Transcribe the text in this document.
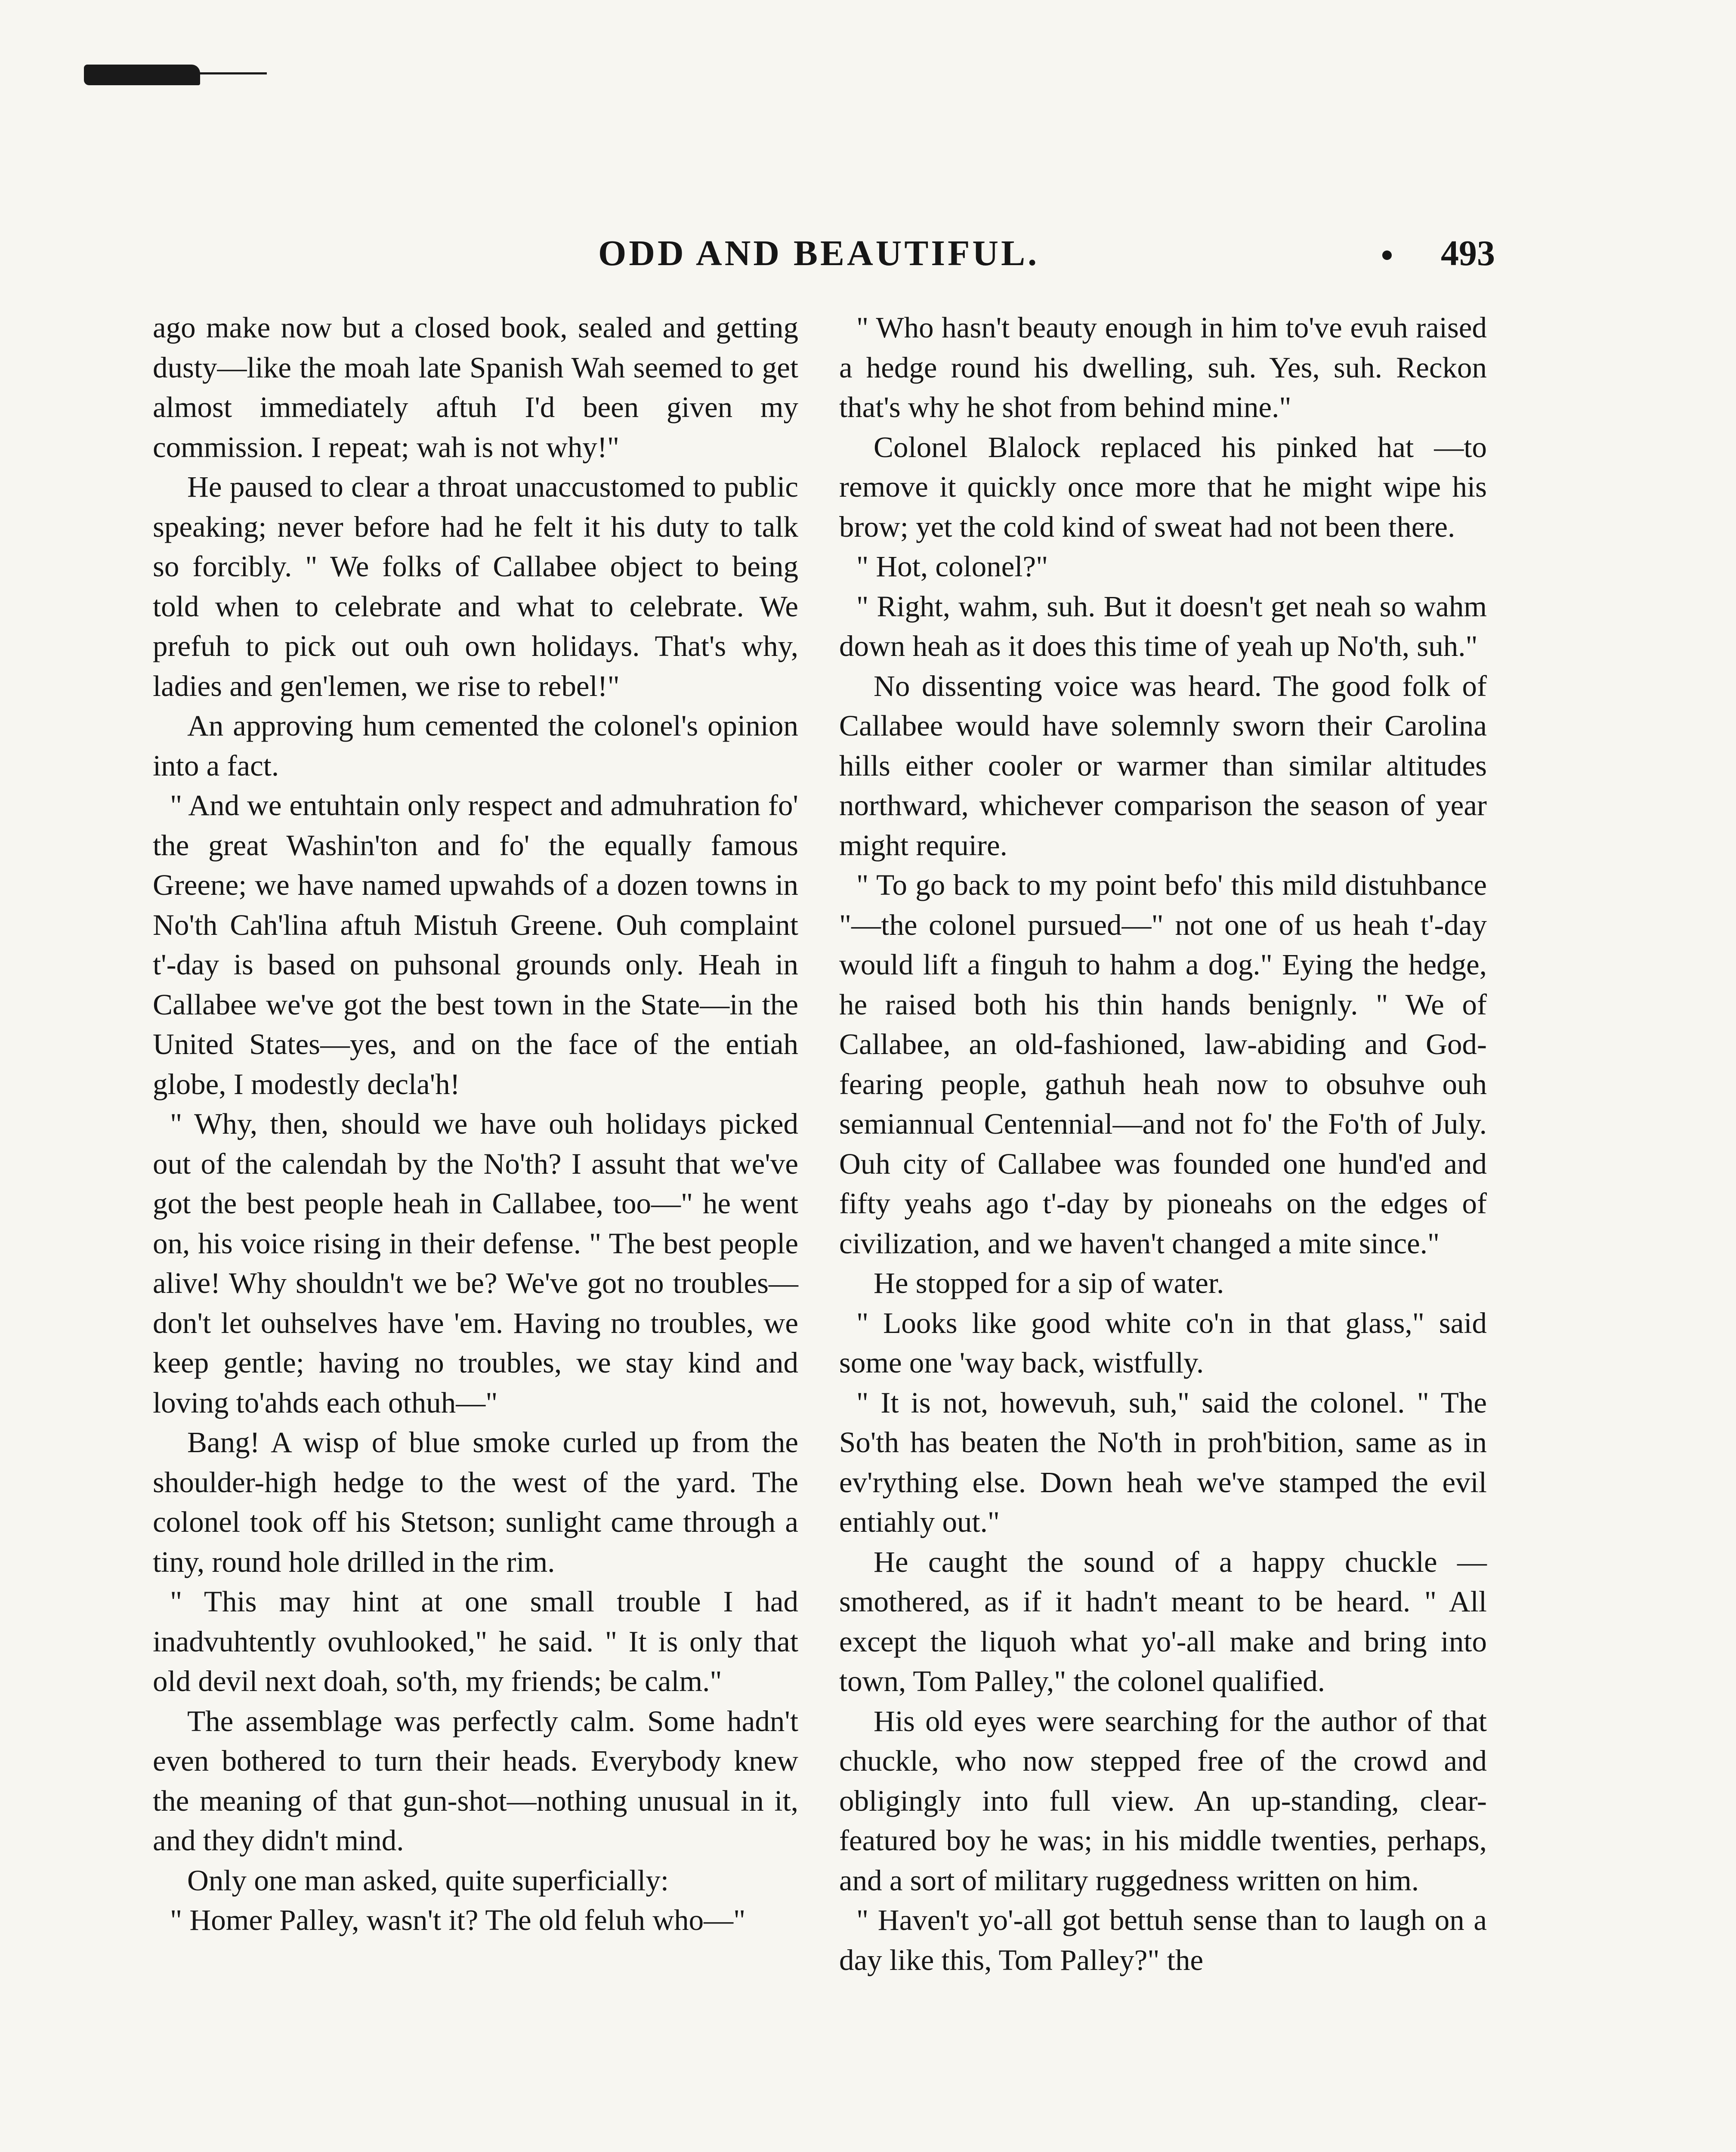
ODD AND BEAUTIFUL.	493

ago make now but a closed book, sealed and getting dusty—like the moah late Spanish Wah seemed to get almost immediately aftuh I'd been given my commission. I repeat; wah is not why!"

He paused to clear a throat unaccustomed to public speaking; never before had he felt it his duty to talk so forcibly. " We folks of Callabee object to being told when to celebrate and what to celebrate. We prefuh to pick out ouh own holidays. That's why, ladies and gen'lemen, we rise to rebel!"

An approving hum cemented the colonel's opinion into a fact.

" And we entuhtain only respect and admuhration fo' the great Washin'ton and fo' the equally famous Greene; we have named upwahds of a dozen towns in No'th Cah'lina aftuh Mistuh Greene. Ouh complaint t'-day is based on puhsonal grounds only. Heah in Callabee we've got the best town in the State—in the United States—yes, and on the face of the entiah globe, I modestly decla'h!

" Why, then, should we have ouh holidays picked out of the calendah by the No'th? I assuht that we've got the best people heah in Callabee, too—" he went on, his voice rising in their defense. " The best people alive! Why shouldn't we be? We've got no troubles—don't let ouhselves have 'em. Having no troubles, we keep gentle; having no troubles, we stay kind and loving to'ahds each othuh—"

Bang! A wisp of blue smoke curled up from the shoulder-high hedge to the west of the yard. The colonel took off his Stetson; sunlight came through a tiny, round hole drilled in the rim.

" This may hint at one small trouble I had inadvuhtently ovuhlooked," he said. " It is only that old devil next doah, so'th, my friends; be calm."

The assemblage was perfectly calm. Some hadn't even bothered to turn their heads. Everybody knew the meaning of that gun-shot—nothing unusual in it, and they didn't mind.

Only one man asked, quite superficially:

" Homer Palley, wasn't it? The old feluh who—"

" Who hasn't beauty enough in him to've evuh raised a hedge round his dwelling, suh. Yes, suh. Reckon that's why he shot from behind mine."

Colonel Blalock replaced his pinked hat —to remove it quickly once more that he might wipe his brow; yet the cold kind of sweat had not been there.

" Hot, colonel?"

" Right, wahm, suh. But it doesn't get neah so wahm down heah as it does this time of yeah up No'th, suh."

No dissenting voice was heard. The good folk of Callabee would have solemnly sworn their Carolina hills either cooler or warmer than similar altitudes northward, whichever comparison the season of year might require.

" To go back to my point befo' this mild distuhbance "—the colonel pursued—" not one of us heah t'-day would lift a finguh to hahm a dog." Eying the hedge, he raised both his thin hands benignly. " We of Callabee, an old-fashioned, law-abiding and God-fearing people, gathuh heah now to obsuhve ouh semiannual Centennial—and not fo' the Fo'th of July. Ouh city of Callabee was founded one hund'ed and fifty yeahs ago t'-day by pioneahs on the edges of civilization, and we haven't changed a mite since."

He stopped for a sip of water.

" Looks like good white co'n in that glass," said some one 'way back, wistfully.

" It is not, howevuh, suh," said the colonel. " The So'th has beaten the No'th in proh'bition, same as in ev'rything else. Down heah we've stamped the evil entiahly out."

He caught the sound of a happy chuckle —smothered, as if it hadn't meant to be heard. " All except the liquoh what yo'-all make and bring into town, Tom Palley," the colonel qualified.

His old eyes were searching for the author of that chuckle, who now stepped free of the crowd and obligingly into full view. An up-standing, clear-featured boy he was; in his middle twenties, perhaps, and a sort of military ruggedness written on him.

" Haven't yo'-all got bettuh sense than to laugh on a day like this, Tom Palley?" the
